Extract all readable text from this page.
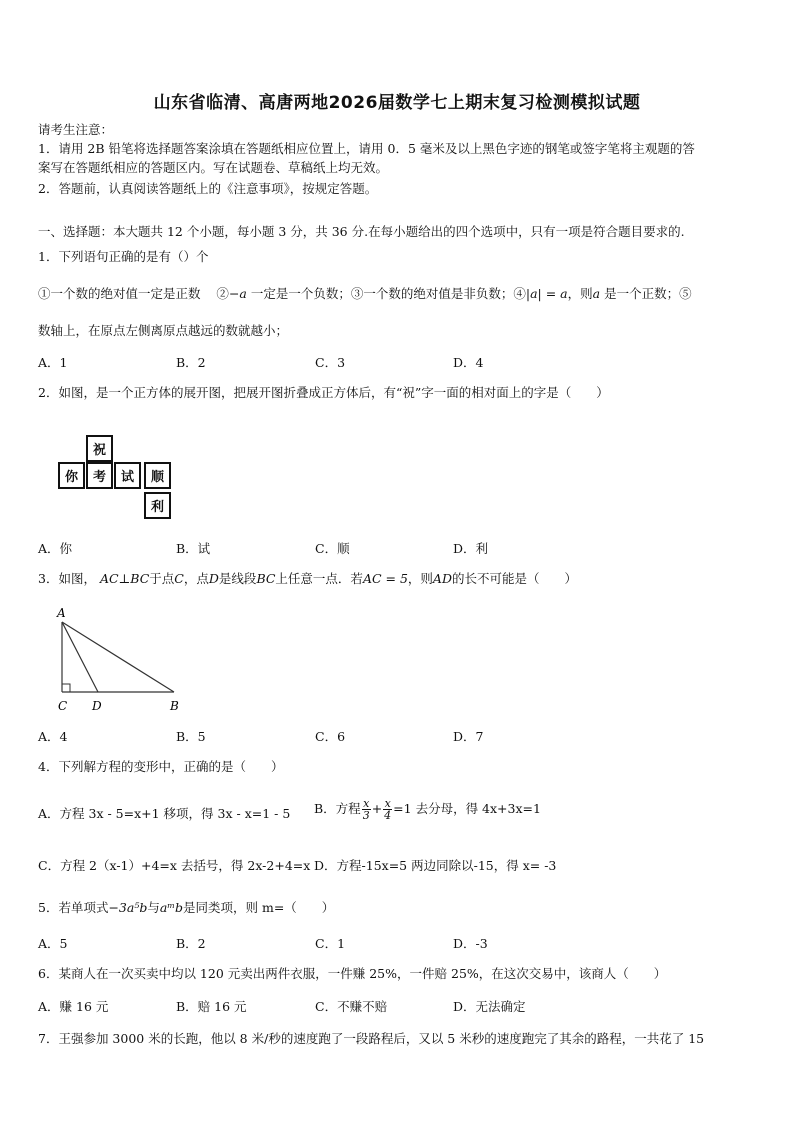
山东省临清、高唐两地2026届数学七上期末复习检测模拟试题
请考生注意：
1．请用 2B 铅笔将选择题答案涂填在答题纸相应位置上，请用 0．5 毫米及以上黑色字迹的钢笔或签字笔将主观题的答
案写在答题纸相应的答题区内。写在试题卷、草稿纸上均无效。
2．答题前，认真阅读答题纸上的《注意事项》，按规定答题。
一、选择题：本大题共 12 个小题，每小题 3 分，共 36 分.在每小题给出的四个选项中，只有一项是符合题目要求的.
1．下列语句正确的是有（）个
①一个数的绝对值一定是正数 ②−a 一定是一个负数；③一个数的绝对值是非负数；④|a| = a，则a 是一个正数；⑤
数轴上，在原点左侧离原点越远的数就越小；
A．1	B．2	C．3	D．4
2．如图，是一个正方体的展开图，把展开图折叠成正方体后，有“祝”字一面的相对面上的字是（　　）
祝
你	考	试	顺
利
A．你	B．试	C．顺	D．利
3．如图， AC⊥BC于点C，点D是线段BC上任意一点．若AC = 5，则AD的长不可能是（　　）
A
C D	B
A．4	B．5	C．6	D．7
4．下列解方程的变形中，正确的是（　　）
A．方程 3x - 5=x+1 移项，得 3x - x=1 - 5 B．方程 $\frac{x}{3} + \frac{x}{4} =1$ 去分母，得 4x+3x=1
C．方程 2（x-1）+4=x 去括号，得 2x-2+4=x D．方程-15x=5 两边同除以-15，得 x= -3
5．若单项式−3a⁵b与aᵐb是同类项，则 m=（　　）
A．5	B．2	C．1	D．-3
6．某商人在一次买卖中均以 120 元卖出两件衣服，一件赚 25%，一件赔 25%，在这次交易中，该商人（　　）
A．赚 16 元	B．赔 16 元	C．不赚不赔	D．无法确定
7．王强参加 3000 米的长跑，他以 8 米/秒的速度跑了一段路程后，又以 5 米秒的速度跑完了其余的路程，一共花了 15
